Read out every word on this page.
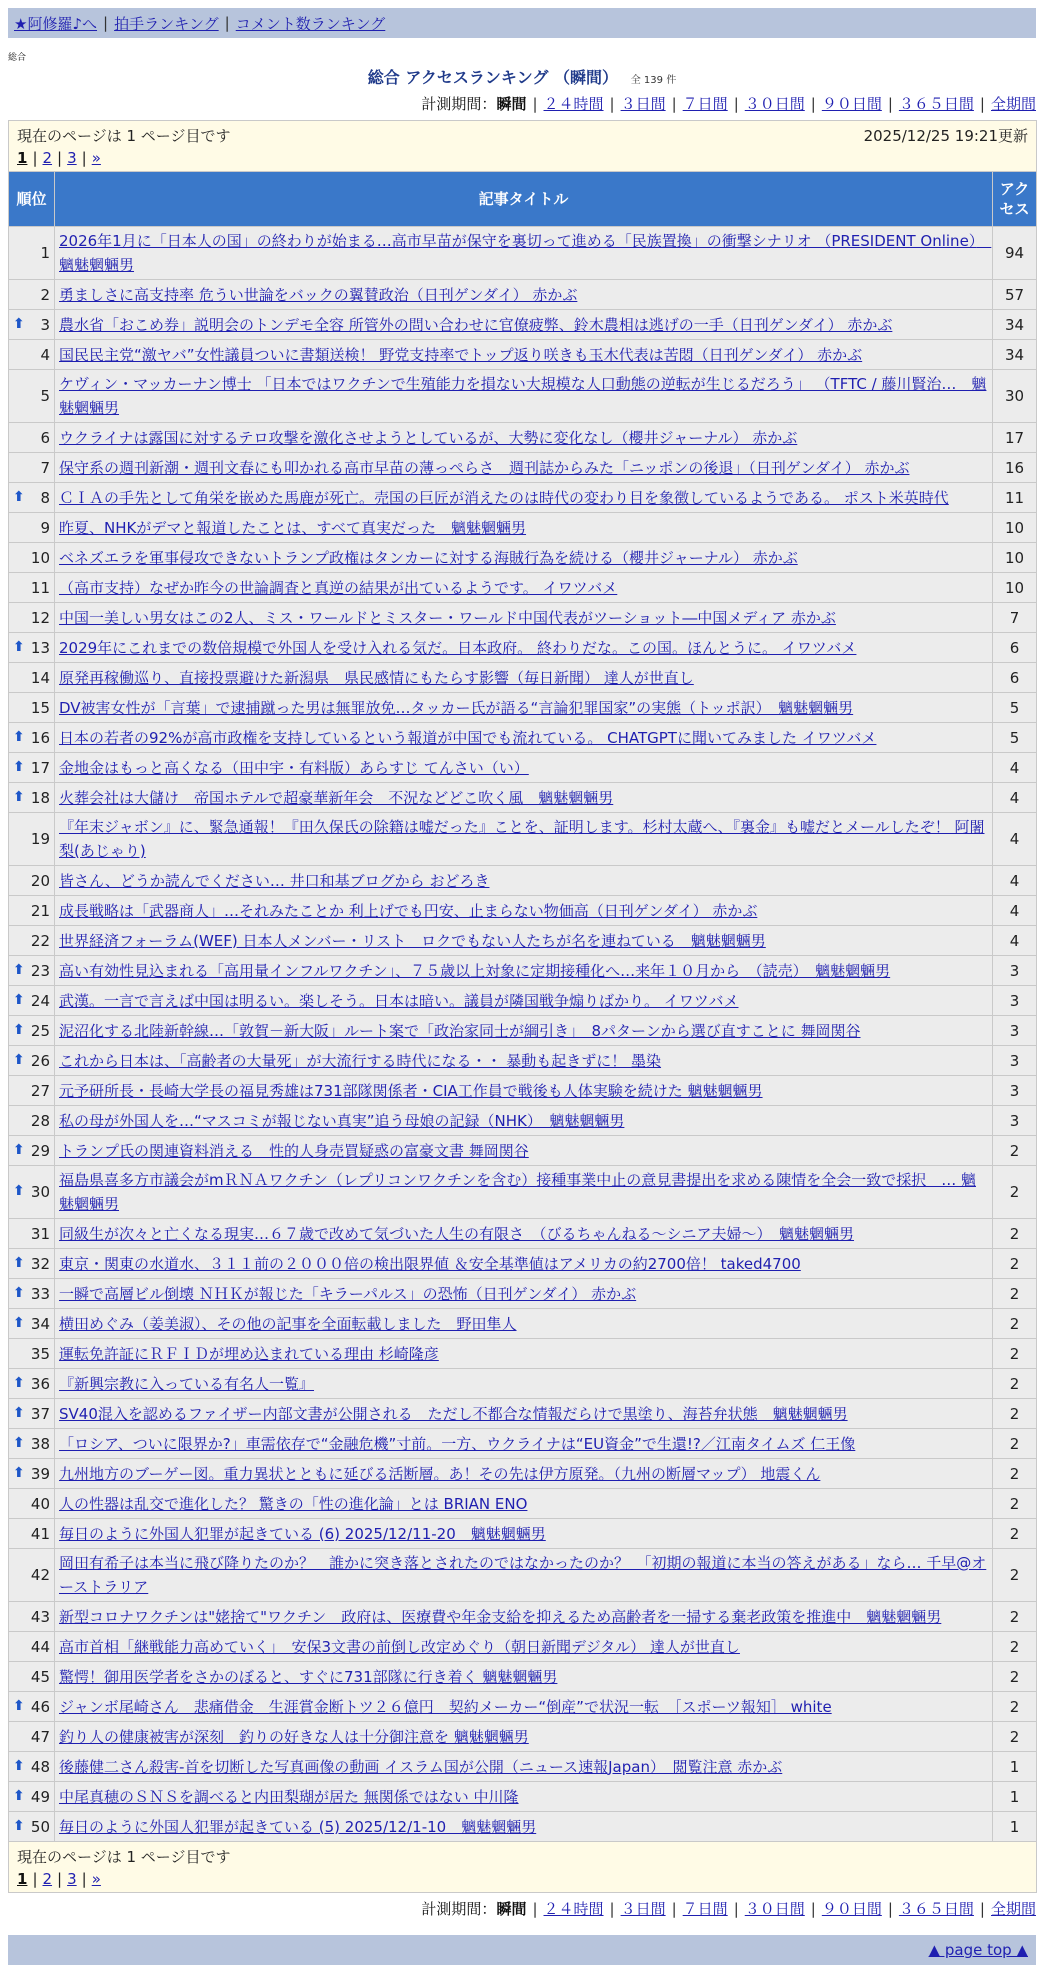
★阿修羅♪へ | 拍手ランキング | コメント数ランキング
総合
総合 アクセスランキング （瞬間） 全 139 件
計測期間：瞬間 | ２４時間 | ３日間 | ７日間 | ３０日間 | ９０日間 | ３６５日間 | 全期間
現在のページは 1 ページ目です 2025/12/25 19:21更新
1 | 2 | 3 | »		

順位	記事タイトル	アクセス
1	2026年1月に「日本人の国」の終わりが始まる…高市早苗が保守を裏切って進める「民族置換」の衝撃シナリオ （PRESIDENT Online）　魑魅魍魎男	94
2	勇ましさに高支持率 危うい世論をバックの翼賛政治（日刊ゲンダイ） 赤かぶ	57

⬆ 3	農水省「おこめ券」説明会のトンデモ全容 所管外の問い合わせに官僚疲弊、鈴木農相は逃げの一手（日刊ゲンダイ） 赤かぶ	34
4	国民民主党“激ヤバ”女性議員ついに書類送検！ 野党支持率でトップ返り咲きも玉木代表は苦悶（日刊ゲンダイ） 赤かぶ	34
5	ケヴィン・マッカーナン博士 「日本ではワクチンで生殖能力を損ない大規模な人口動態の逆転が生じるだろう」 （TFTC / 藤川賢治…　魑魅魍魎男	30
6	ウクライナは露国に対するテロ攻撃を激化させようとしているが、大勢に変化なし（櫻井ジャーナル） 赤かぶ	17
7	保守系の週刊新潮・週刊文春にも叩かれる高市早苗の薄っぺらさ　週刊誌からみた「ニッポンの後退」（日刊ゲンダイ） 赤かぶ	16

⬆ 8	ＣＩＡの手先として角栄を嵌めた馬鹿が死亡。売国の巨匠が消えたのは時代の変わり目を象徴しているようである。 ポスト米英時代	11
9	昨夏、NHKがデマと報道したことは、すべて真実だった　魑魅魍魎男	10
10	ベネズエラを軍事侵攻できないトランプ政権はタンカーに対する海賊行為を続ける（櫻井ジャーナル） 赤かぶ	10
11	（高市支持）なぜか昨今の世論調査と真逆の結果が出ているようです。 イワツバメ	10
12	中国一美しい男女はこの2人、ミス・ワールドとミスター・ワールド中国代表がツーショット―中国メディア 赤かぶ	7

⬆ 13	2029年にこれまでの数倍規模で外国人を受け入れる気だ。日本政府。 終わりだな。この国。ほんとうに。 イワツバメ	6
14	原発再稼働巡り、直接投票避けた新潟県　県民感情にもたらす影響（毎日新聞） 達人が世直し	6
15	DV被害女性が「言葉」で逮捕蹴った男は無罪放免…タッカー氏が語る“言論犯罪国家”の実態（トッポ訳）　魑魅魍魎男	5

⬆ 16	日本の若者の92%が高市政権を支持しているという報道が中国でも流れている。 CHATGPTに聞いてみました イワツバメ	5

⬆ 17	金地金はもっと高くなる（田中宇・有料版）あらすじ てんさい（い）	4

⬆ 18	火葬会社は大儲け　帝国ホテルで超豪華新年会　不況などどこ吹く風　魑魅魍魎男	4
19	『年末ジャボン』に、緊急通報！『田久保氏の除籍は嘘だった』ことを、証明します。杉村太蔵へ、『裏金』も嘘だとメールしたぞ！ 阿闍梨(あじゃり)	4
20	皆さん、どうか読んでください… 井口和基ブログから おどろき	4
21	成長戦略は「武器商人」…それみたことか 利上げでも円安、止まらない物価高（日刊ゲンダイ） 赤かぶ	4
22	世界経済フォーラム(WEF) 日本人メンバー・リスト　ロクでもない人たちが名を連ねている　魑魅魍魎男	4

⬆ 23	高い有効性見込まれる「高用量インフルワクチン」、７５歳以上対象に定期接種化へ…来年１０月から　（読売）　魑魅魍魎男	3

⬆ 24	武漢。一言で言えば中国は明るい。楽しそう。日本は暗い。議員が隣国戦争煽りばかり。 イワツバメ	3

⬆ 25	泥沼化する北陸新幹線…「敦賀－新大阪」ルート案で「政治家同士が綱引き」　8パターンから選び直すことに 舞岡関谷	3

⬆ 26	これから日本は、「高齢者の大量死」が大流行する時代になる・・ 暴動も起きずに！ 墨染	3
27	元予研所長・長崎大学長の福見秀雄は731部隊関係者・CIA工作員で戦後も人体実験を続けた 魑魅魍魎男	3
28	私の母が外国人を…“マスコミが報じない真実”追う母娘の記録（NHK）　魑魅魍魎男	3

⬆ 29	トランプ氏の関連資料消える　性的人身売買疑惑の富豪文書 舞岡関谷	2

⬆ 30	福島県喜多方市議会がmＲＮＡワクチン（レプリコンワクチンを含む）接種事業中止の意見書提出を求める陳情を全会一致で採択　… 魑魅魍魎男	2
31	同級生が次々と亡くなる現実…６７歳で改めて気づいた人生の有限さ　（びるちゃんねる～シニア夫婦～）　魑魅魍魎男	2

⬆ 32	東京・関東の水道水、３１１前の２０００倍の検出限界値 ＆安全基準値はアメリカの約2700倍！ taked4700	2

⬆ 33	一瞬で高層ビル倒壊 ＮＨＫが報じた「キラーパルス」の恐怖（日刊ゲンダイ） 赤かぶ	2

⬆ 34	横田めぐみ（姜美淑）、その他の記事を全面転載しました　野田隼人	2
35	運転免許証にＲＦＩＤが埋め込まれている理由 杉崎隆彦	2

⬆ 36	『新興宗教に入っている有名人一覧』	2

⬆ 37	SV40混入を認めるファイザー内部文書が公開される　ただし不都合な情報だらけで黒塗り、海苔弁状態　魑魅魍魎男	2

⬆ 38	「ロシア、ついに限界か?」車需依存で“金融危機”寸前。一方、ウクライナは“EU資金”で生還!?／江南タイムズ 仁王像	2

⬆ 39	九州地方のブーゲー図。重力異状とともに延びる活断層。あ！その先は伊方原発。（九州の断層マップ） 地震くん	2
40	人の性器は乱交で進化した？ 驚きの「性の進化論」とは BRIAN ENO	2
41	毎日のように外国人犯罪が起きている (6) 2025/12/11-20　魑魅魍魎男	2
42	岡田有希子は本当に飛び降りたのか？　誰かに突き落とされたのではなかったのか？　「初期の報道に本当の答えがある」なら… 千早@オーストラリア	2
43	新型コロナワクチンは"姥捨て"ワクチン　政府は、医療費や年金支給を抑えるため高齢者を一掃する棄老政策を推進中　魑魅魍魎男	2
44	高市首相「継戦能力高めていく」　安保3文書の前倒し改定めぐり（朝日新聞デジタル） 達人が世直し	2
45	驚愕！御用医学者をさかのぼると、すぐに731部隊に行き着く 魑魅魍魎男	2

⬆ 46	ジャンボ尾崎さん　悲痛借金　生涯賞金断トツ２６億円　契約メーカー“倒産”で状況一転　［スポーツ報知］ white	2
47	釣り人の健康被害が深刻　釣りの好きな人は十分御注意を 魑魅魍魎男	2

⬆ 48	後藤健二さん殺害-首を切断した写真画像の動画 イスラム国が公開（ニュース速報Japan）　閲覧注意 赤かぶ	1

⬆ 49	中尾真穂のＳＮＳを調べると内田梨瑚が居た 無関係ではない 中川隆	1

⬆ 50	毎日のように外国人犯罪が起きている (5) 2025/12/1-10　魑魅魍魎男	1

現在のページは 1 ページ目です
1 | 2 | 3 | »		
計測期間：瞬間 | ２４時間 | ３日間 | ７日間 | ３０日間 | ９０日間 | ３６５日間 | 全期間
▲ page top ▲
